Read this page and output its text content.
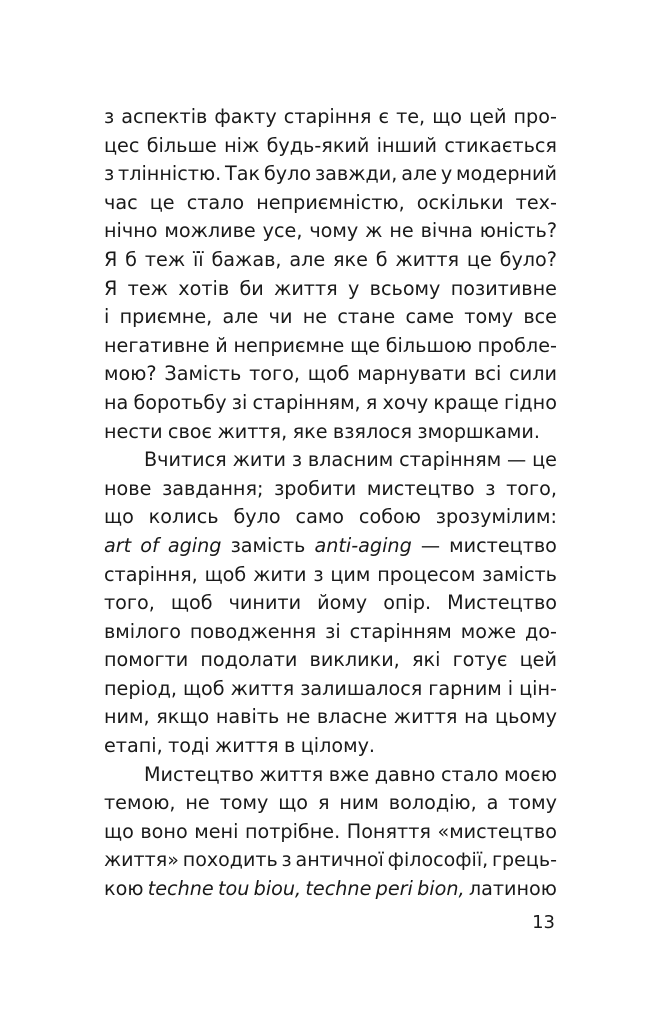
з аспектів факту старіння є те, що цей про-
цес більше ніж будь-який інший стикається
з тлінністю. Так було завжди, але у модерний
час це стало неприємністю, оскільки тех-
нічно можливе усе, чому ж не вічна юність?
Я б теж її бажав, але яке б життя це було?
Я теж хотів би життя у всьому позитивне
і приємне, але чи не стане саме тому все
негативне й неприємне ще більшою пробле-
мою? Замість того, щоб марнувати всі сили
на боротьбу зі старінням, я хочу краще гідно
нести своє життя, яке взялося зморшками.
Вчитися жити з власним старінням — це
нове завдання; зробити мистецтво з того,
що колись було само собою зрозумілим:
art of aging замість anti-aging — мистецтво
старіння, щоб жити з цим процесом замість
того, щоб чинити йому опір. Мистецтво
вмілого поводження зі старінням може до-
помогти подолати виклики, які готує цей
період, щоб життя залишалося гарним і цін-
ним, якщо навіть не власне життя на цьому
етапі, тоді життя в цілому.
Мистецтво життя вже давно стало моєю
темою, не тому що я ним володію, а тому
що воно мені потрібне. Поняття «мистецтво
життя» походить з античної філософії, грець-
кою techne tou biou, techne peri bion, латиною
13
